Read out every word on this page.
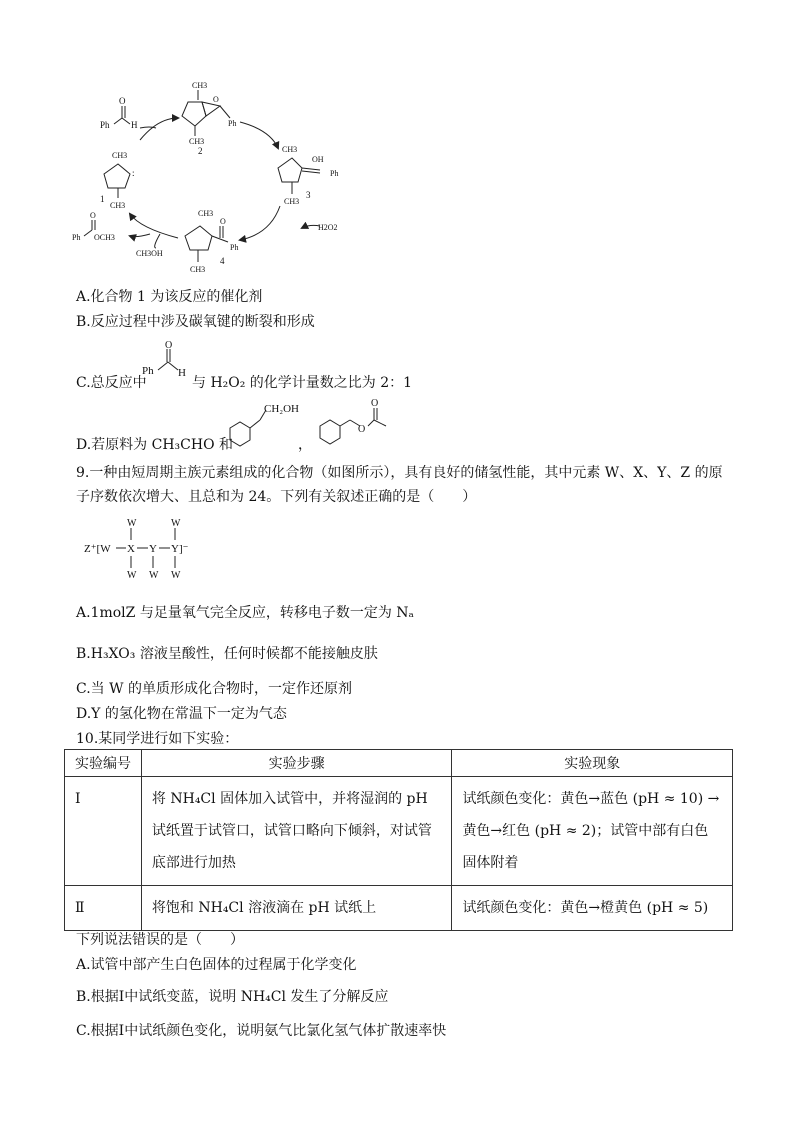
Ph
O
H
CH3
O
Ph
CH3
2	CH3
OH
Ph
CH3
3
CH3
:
CH3
1
CH3
O
Ph
CH3
4
Ph
O
OCH3
CH3OH
H2O2
A.化合物 1 为该反应的催化剂
B.反应过程中涉及碳氧键的断裂和形成
C.总反应中
Ph
O
H
与 H₂O₂ 的化学计量数之比为 2：1
D.若原料为 CH₃CHO 和
CH₂OH
，
O
O
9.一种由短周期主族元素组成的化合物（如图所示），具有良好的储氢性能，其中元素 W、X、Y、Z 的原子序数依次增大、且总和为 24。下列有关叙述正确的是（　　）
Z⁺[W X
W
W
Y
W
Y]⁻
W
W
A.1molZ 与足量氧气完全反应，转移电子数一定为 Nₐ
B.H₃XO₃ 溶液呈酸性，任何时候都不能接触皮肤
C.当 W 的单质形成化合物时，一定作还原剂
D.Y 的氢化物在常温下一定为气态
10.某同学进行如下实验：
实验编号	实验步骤	实验现象
Ⅰ	将 NH₄Cl 固体加入试管中，并将湿润的 pH 试纸置于试管口，试管口略向下倾斜，对试管底部进行加热	试纸颜色变化：黄色→蓝色 (pH ≈ 10) →黄色→红色 (pH ≈ 2)；试管中部有白色固体附着
Ⅱ	将饱和 NH₄Cl 溶液滴在 pH 试纸上	试纸颜色变化：黄色→橙黄色 (pH ≈ 5)
下列说法错误的是（　　）
A.试管中部产生白色固体的过程属于化学变化
B.根据Ⅰ中试纸变蓝，说明 NH₄Cl 发生了分解反应
C.根据Ⅰ中试纸颜色变化，说明氨气比氯化氢气体扩散速率快
